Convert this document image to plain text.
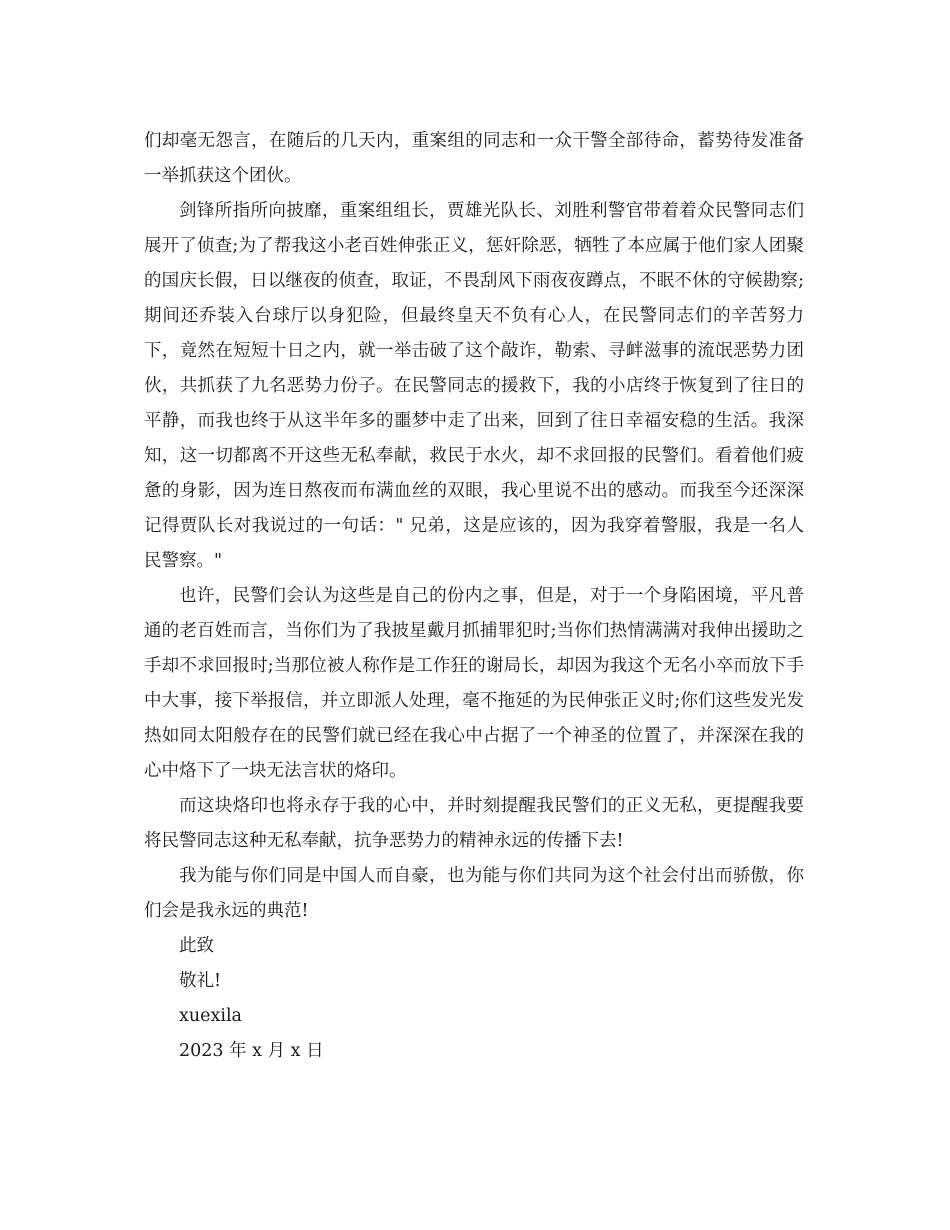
们却毫无怨言，在随后的几天内，重案组的同志和一众干警全部待命，蓄势待发准备一举抓获这个团伙。

剑锋所指所向披靡，重案组组长，贾雄光队长、刘胜利警官带着着众民警同志们展开了侦查;为了帮我这小老百姓伸张正义，惩奸除恶，牺牲了本应属于他们家人团聚的国庆长假，日以继夜的侦查，取证，不畏刮风下雨夜夜蹲点，不眠不休的守候勘察;期间还乔装入台球厅以身犯险，但最终皇天不负有心人，在民警同志们的辛苦努力下，竟然在短短十日之内，就一举击破了这个敲诈，勒索、寻衅滋事的流氓恶势力团伙，共抓获了九名恶势力份子。在民警同志的援救下，我的小店终于恢复到了往日的平静，而我也终于从这半年多的噩梦中走了出来，回到了往日幸福安稳的生活。我深知，这一切都离不开这些无私奉献，救民于水火，却不求回报的民警们。看着他们疲惫的身影，因为连日熬夜而布满血丝的双眼，我心里说不出的感动。而我至今还深深记得贾队长对我说过的一句话：" 兄弟，这是应该的，因为我穿着警服，我是一名人民警察。"

也许，民警们会认为这些是自己的份内之事，但是，对于一个身陷困境，平凡普通的老百姓而言，当你们为了我披星戴月抓捕罪犯时;当你们热情满满对我伸出援助之手却不求回报时;当那位被人称作是工作狂的谢局长，却因为我这个无名小卒而放下手中大事，接下举报信，并立即派人处理，毫不拖延的为民伸张正义时;你们这些发光发热如同太阳般存在的民警们就已经在我心中占据了一个神圣的位置了，并深深在我的心中烙下了一块无法言状的烙印。

而这块烙印也将永存于我的心中，并时刻提醒我民警们的正义无私，更提醒我要将民警同志这种无私奉献，抗争恶势力的精神永远的传播下去!

我为能与你们同是中国人而自豪，也为能与你们共同为这个社会付出而骄傲，你们会是我永远的典范!

此致

敬礼!

xuexila

2023 年 x 月 x 日
